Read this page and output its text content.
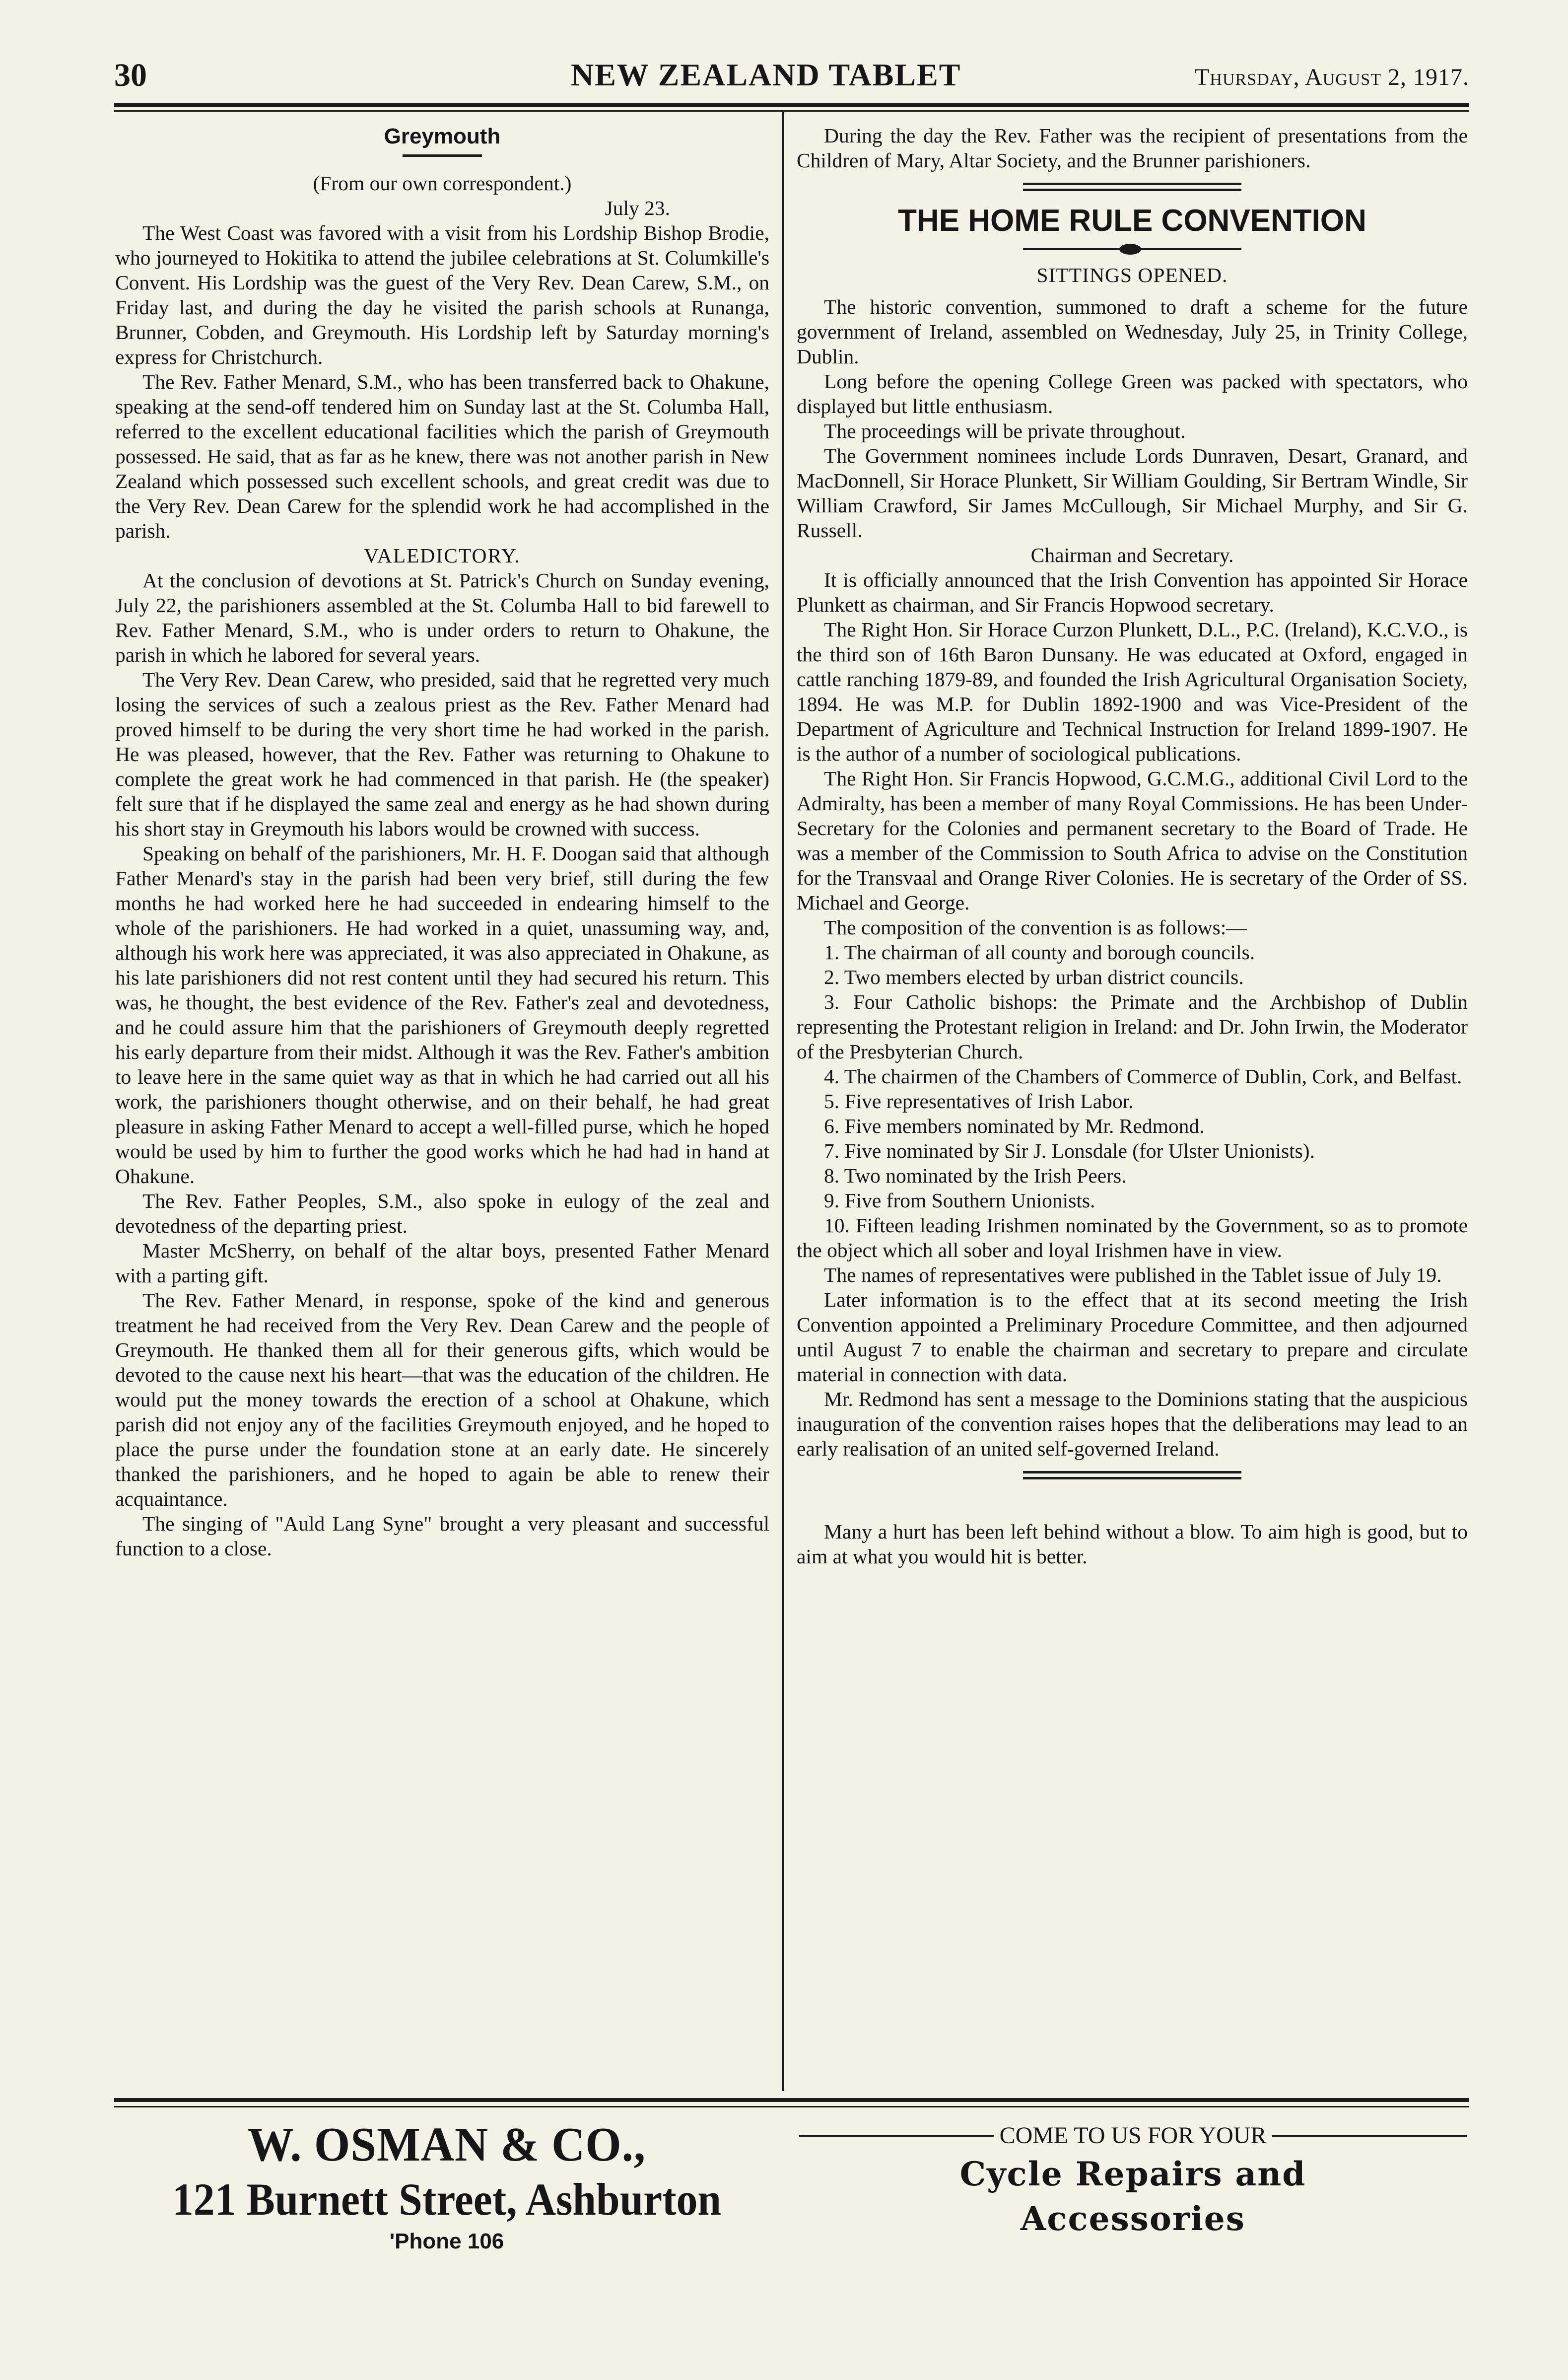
30	NEW ZEALAND TABLET	Thursday, August 2, 1917.
Greymouth

(From our own correspondent.)

July 23.

The West Coast was favored with a visit from his Lordship Bishop Brodie, who journeyed to Hokitika to attend the jubilee celebrations at St. Columkille's Convent. His Lordship was the guest of the Very Rev. Dean Carew, S.M., on Friday last, and during the day he visited the parish schools at Runanga, Brunner, Cobden, and Greymouth. His Lordship left by Saturday morning's express for Christchurch.

The Rev. Father Menard, S.M., who has been transferred back to Ohakune, speaking at the send-off tendered him on Sunday last at the St. Columba Hall, referred to the excellent educational facilities which the parish of Greymouth possessed. He said, that as far as he knew, there was not another parish in New Zealand which possessed such excellent schools, and great credit was due to the Very Rev. Dean Carew for the splendid work he had accomplished in the parish.

VALEDICTORY.

At the conclusion of devotions at St. Patrick's Church on Sunday evening, July 22, the parishioners assembled at the St. Columba Hall to bid farewell to Rev. Father Menard, S.M., who is under orders to return to Ohakune, the parish in which he labored for several years.

The Very Rev. Dean Carew, who presided, said that he regretted very much losing the services of such a zealous priest as the Rev. Father Menard had proved himself to be during the very short time he had worked in the parish. He was pleased, however, that the Rev. Father was returning to Ohakune to complete the great work he had commenced in that parish. He (the speaker) felt sure that if he displayed the same zeal and energy as he had shown during his short stay in Greymouth his labors would be crowned with success.

Speaking on behalf of the parishioners, Mr. H. F. Doogan said that although Father Menard's stay in the parish had been very brief, still during the few months he had worked here he had succeeded in endearing himself to the whole of the parishioners. He had worked in a quiet, unassuming way, and, although his work here was appreciated, it was also appreciated in Ohakune, as his late parishioners did not rest content until they had secured his return. This was, he thought, the best evidence of the Rev. Father's zeal and devotedness, and he could assure him that the parishioners of Greymouth deeply regretted his early departure from their midst. Although it was the Rev. Father's ambition to leave here in the same quiet way as that in which he had carried out all his work, the parishioners thought otherwise, and on their behalf, he had great pleasure in asking Father Menard to accept a well-filled purse, which he hoped would be used by him to further the good works which he had had in hand at Ohakune.

The Rev. Father Peoples, S.M., also spoke in eulogy of the zeal and devotedness of the departing priest.

Master McSherry, on behalf of the altar boys, presented Father Menard with a parting gift.

The Rev. Father Menard, in response, spoke of the kind and generous treatment he had received from the Very Rev. Dean Carew and the people of Greymouth. He thanked them all for their generous gifts, which would be devoted to the cause next his heart—that was the education of the children. He would put the money towards the erection of a school at Ohakune, which parish did not enjoy any of the facilities Greymouth enjoyed, and he hoped to place the purse under the foundation stone at an early date. He sincerely thanked the parishioners, and he hoped to again be able to renew their acquaintance.

The singing of "Auld Lang Syne" brought a very pleasant and successful function to a close.

During the day the Rev. Father was the recipient of presentations from the Children of Mary, Altar Society, and the Brunner parishioners.

THE HOME RULE CONVENTION

SITTINGS OPENED.

The historic convention, summoned to draft a scheme for the future government of Ireland, assembled on Wednesday, July 25, in Trinity College, Dublin.

Long before the opening College Green was packed with spectators, who displayed but little enthusiasm.

The proceedings will be private throughout.

The Government nominees include Lords Dunraven, Desart, Granard, and MacDonnell, Sir Horace Plunkett, Sir William Goulding, Sir Bertram Windle, Sir William Crawford, Sir James McCullough, Sir Michael Murphy, and Sir G. Russell.

Chairman and Secretary.

It is officially announced that the Irish Convention has appointed Sir Horace Plunkett as chairman, and Sir Francis Hopwood secretary.

The Right Hon. Sir Horace Curzon Plunkett, D.L., P.C. (Ireland), K.C.V.O., is the third son of 16th Baron Dunsany. He was educated at Oxford, engaged in cattle ranching 1879-89, and founded the Irish Agricultural Organisation Society, 1894. He was M.P. for Dublin 1892-1900 and was Vice-President of the Department of Agriculture and Technical Instruction for Ireland 1899-1907. He is the author of a number of sociological publications.

The Right Hon. Sir Francis Hopwood, G.C.M.G., additional Civil Lord to the Admiralty, has been a member of many Royal Commissions. He has been Under-Secretary for the Colonies and permanent secretary to the Board of Trade. He was a member of the Commission to South Africa to advise on the Constitution for the Transvaal and Orange River Colonies. He is secretary of the Order of SS. Michael and George.

The composition of the convention is as follows:—

1. The chairman of all county and borough councils.

2. Two members elected by urban district councils.

3. Four Catholic bishops: the Primate and the Archbishop of Dublin representing the Protestant religion in Ireland: and Dr. John Irwin, the Moderator of the Presbyterian Church.

4. The chairmen of the Chambers of Commerce of Dublin, Cork, and Belfast.

5. Five representatives of Irish Labor.

6. Five members nominated by Mr. Redmond.

7. Five nominated by Sir J. Lonsdale (for Ulster Unionists).

8. Two nominated by the Irish Peers.

9. Five from Southern Unionists.

10. Fifteen leading Irishmen nominated by the Government, so as to promote the object which all sober and loyal Irishmen have in view.

The names of representatives were published in the Tablet issue of July 19.

Later information is to the effect that at its second meeting the Irish Convention appointed a Preliminary Procedure Committee, and then adjourned until August 7 to enable the chairman and secretary to prepare and circulate material in connection with data.

Mr. Redmond has sent a message to the Dominions stating that the auspicious inauguration of the convention raises hopes that the deliberations may lead to an early realisation of an united self-governed Ireland.

Many a hurt has been left behind without a blow. To aim high is good, but to aim at what you would hit is better.

W. OSMAN & CO.,
121 Burnett Street, Ashburton
'Phone 106
COME TO US FOR YOUR
Cycle Repairs and
Accessories
